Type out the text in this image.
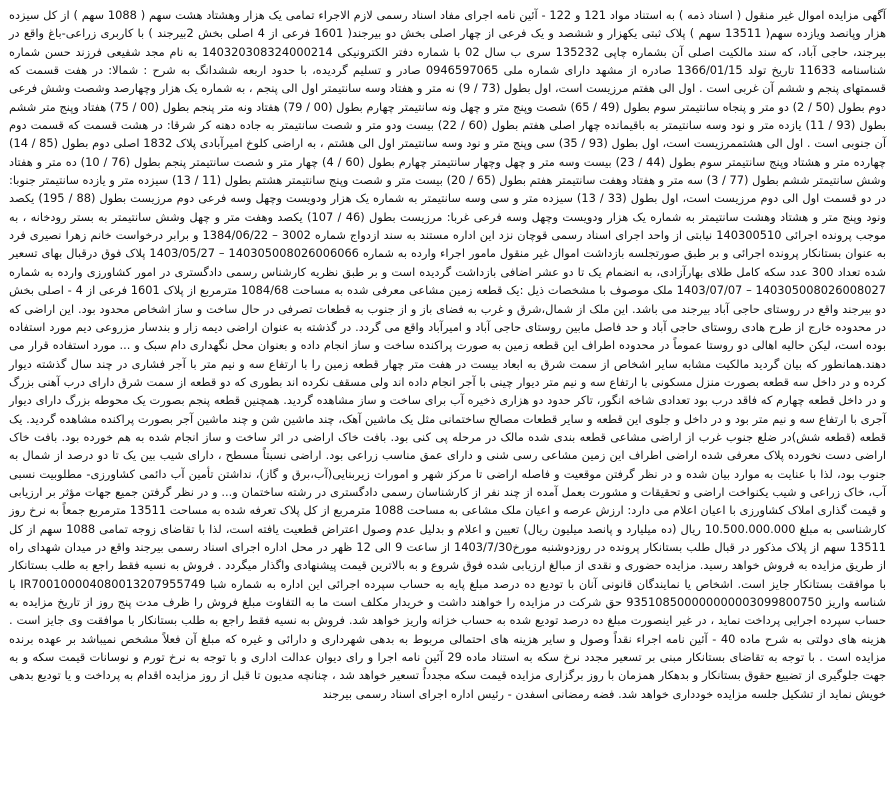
آگهی مزایده اموال غیر منقول ( اسناد ذمه ) به استناد مواد 121 و 122 - آئین نامه اجرای مفاد اسناد رسمی لازم الاجراء تمامی یک هزار وهشتاد هشت سهم ( 1088 سهم ) از کل سیزده هزار وپانصد ویازده سهم( 13511 سهم ) پلاک ثبتی یکهزار و ششصد و یک فرعی از چهار اصلی بخش دو بیرجند( 1601 فرعی از 4 اصلی بخش 2بیرجند ) با کاربری زراعی-باغ واقع در بیرجند، حاجی آباد، که سند مالکیت اصلی آن بشماره چاپی 135232 سری ب سال 02 با شماره دفتر الکترونیکی 140320308324000214 به نام مجد شفیعی فرزند حسن شماره شناسنامه 11633 تاریخ تولد 1366/01/15 صادره از مشهد دارای شماره ملی 0946597065 صادر و تسلیم گردیده، با حدود اربعه ششدانگ به شرح : شمالا: در هفت قسمت که قسمتهای پنجم و ششم آن غربی است . اول الی هفتم مرزیست است، اول بطول (73 / 9) نه متر و هفتاد وسه سانتیمتر اول الی پنجم ، به شماره یک هزار وچهارصد وشصت وشش فرعی دوم بطول (50 / 2) دو متر و پنجاه سانتیمتر سوم بطول (49 / 65) شصت وپنج متر و چهل ونه سانتیمتر چهارم بطول (00 / 79) هفتاد ونه متر پنجم بطول (00 / 75) هفتاد وپنج متر ششم بطول (93 / 11) یازده متر و نود وسه سانتیمتر به باقیمانده چهار اصلی هفتم بطول (60 / 22) بیست ودو متر و شصت سانتیمتر به جاده دهنه کر شرقا: در هشت قسمت که قسمت دوم آن جنوبی است . اول الی هشتممرزیست است، اول بطول (93 / 35) سی وپنج متر و نود وسه سانتیمتر اول الی هشتم ، به اراضی کلوخ امیرآبادی پلاک 1832 اصلی دوم بطول (85 / 14) چهارده متر و هشتاد وپنج سانتیمتر سوم بطول (44 / 23) بیست وسه متر و چهل وچهار سانتیمتر چهارم بطول (60 / 4) چهار متر و شصت سانتیمتر پنجم بطول (76 / 10) ده متر و هفتاد وشش سانتیمتر ششم بطول (77 / 3) سه متر و هفتاد وهفت سانتیمتر هفتم بطول (65 / 20) بیست متر و شصت وپنج سانتیمتر هشتم بطول (11 / 13) سیزده متر و یازده سانتیمتر جنوبا: در دو قسمت اول الی دوم مرزیست است، اول بطول (33 / 13) سیزده متر و سی وسه سانتیمتر به شماره یک هزار ودویست وچهل وسه فرعی دوم مرزیست بطول (88 / 195) یکصد ونود وپنج متر و هشتاد وهشت سانتیمتر به شماره یک هزار ودویست وچهل وسه فرعی غربا: مرزیست بطول (46 / 107) یکصد وهفت متر و چهل وشش سانتیمتر به بستر رودخانه ، به موجب پرونده اجرائی 140300510 نیابتی از واحد اجرای اسناد رسمی قوچان نزد این اداره مستند به سند ازدواج شماره 3002 – 1384/06/22 و برابر درخواست خانم زهرا نصیری فرد به عنوان بستانکار پرونده اجرائی و بر طبق صورتجلسه بازداشت اموال غیر منقول مامور اجراء وارده به شماره 140305008026006066 – 1403/05/27 پلاک فوق درقبال بهای تسعیر شده تعداد 300 عدد سکه کامل طلای بهارآزادی، به انضمام یک تا دو عشر اضافی بازداشت گردیده است و بر طبق نظریه کارشناس رسمی دادگستری در امور کشاورزی وارده به شماره 140305008026008027 – 1403/07/07 ملک موصوف با مشخصات ذیل :یک قطعه زمین مشاعی معرفی شده به مساحت 1084/68 مترمربع از پلاک 1601 فرعی از 4 - اصلی بخش دو بیرجند واقع در روستای حاجی آباد بیرجند می باشد. این ملک از شمال،شرق و غرب به فضای باز و از جنوب به قطعات تصرفی در حال ساخت و ساز اشخاص محدود بود. این اراضی که در محدوده خارج از طرح هادی روستای حاجی آباد و حد فاصل مابین روستای حاجی آباد و امیرآباد واقع می گردد. در گذشته به عنوان اراضی دیمه زار و بندسار مزروعی دیم مورد استفاده بوده است، لیکن حالیه اهالی دو روستا عموماً در محدوده اطراف این قطعه زمین به صورت پراکنده ساخت و ساز انجام داده و بعنوان محل نگهداری دام سبک و ... مورد استفاده قرار می دهند.همانطور که بیان گردید مالکیت مشابه سایر اشخاص از سمت شرق به ابعاد بیست در هفت متر چهار قطعه زمین را با ارتفاع سه و نیم متر با آجر فشاری در چند سال گذشته دیوار کرده و در داخل سه قطعه بصورت منزل مسکونی با ارتفاع سه و نیم متر دیوار چینی با آجر انجام داده اند ولی مسقف نکرده اند بطوری که دو قطعه از سمت شرق دارای درب آهنی بزرگ و در داخل قطعه چهارم که فاقد درب بود تعدادی شاخه انگور، تاکر حدود دو هزاری ذخیره آب برای ساخت و ساز مشاهده گردید. همچنین قطعه پنجم بصورت یک محوطه بزرگ دارای دیوار آجری با ارتفاع سه و نیم متر بود و در داخل و جلوی این قطعه و سایر قطعات مصالح ساختمانی مثل یک ماشین آهک، چند ماشین شن و چند ماشین آجر بصورت پراکنده مشاهده گردید. یک قطعه (قطعه شش)در ضلع جنوب غرب از اراضی مشاعی قطعه بندی شده مالک در مرحله پی کنی بود. بافت خاک اراضی در اثر ساخت و ساز انجام شده به هم خورده بود. بافت خاک اراضی دست نخورده پلاک معرفی شده اراضی اطراف این زمین مشاعی رسی شنی و دارای عمق مناسب زراعی بود. اراضی نسبتاً مسطح ، دارای شیب بین یک تا دو درصد از شمال به جنوب بود، لذا با عنایت به موارد بیان شده و در نظر گرفتن موقعیت و فاصله اراضی تا مرکز شهر و امورات زیربنایی(آب،برق و گاز)، نداشتن تأمین آب دائمی کشاورزی- مطلوبیت نسبی آب، خاک زراعی و شیب یکنواخت اراضی و تحقیقات و مشورت بعمل آمده از چند نفر از کارشناسان رسمی دادگستری در رشته ساختمان و... و در نظر گرفتن جمیع جهات مؤثر بر ارزیابی و قیمت گذاری املاک کشاورزی با اعیان اعلام می دارد: ارزش عرصه و اعیان ملک مشاعی به مساحت 1088 مترمربع از کل پلاک تعرفه شده به مساحت 13511 مترمربع جمعاً به نرخ روز کارشناسی به مبلغ 10.500.000.000 ریال (ده میلیارد و پانصد میلیون ریال) تعیین و اعلام و بدلیل عدم وصول اعتراض قطعیت یافته است، لذا با تقاضای زوجه تمامی 1088 سهم از کل 13511 سهم از پلاک مذکور در قبال طلب بستانکار پرونده در روزدوشنبه مورخ1403/7/30 از ساعت 9 الی 12 ظهر در محل اداره اجرای اسناد رسمی بیرجند واقع در میدان شهدای راه از طریق مزایده به فروش خواهد رسید. مزایده حضوری و نقدی از مبالغ ارزیابی شده فوق شروع و به بالاترین قیمت پیشنهادی واگذار میگردد . فروش به نسیه فقط راجع به طلب بستانکار با موافقت بستانکار جایز است. اشخاص یا نمایندگان قانونی آنان با تودیع ده درصد مبلغ پایه به حساب سپرده اجرائی این اداره به شماره شبا IR700100004080013207955749 با شناسه واریز 935108500000000003099800750 حق شرکت در مزایده را خواهند داشت و خریدار مکلف است ما به التفاوت مبلغ فروش را ظرف مدت پنج روز از تاریخ مزایده به حساب سپرده اجرایی پرداخت نماید ، در غیر اینصورت مبلغ ده درصد تودیع شده به حساب خزانه واریز خواهد شد. فروش به نسیه فقط راجع به طلب بستانکار با موافقت وی جایز است . هزینه های دولتی به شرح ماده 40 - آئین نامه اجراء نقداً وصول و سایر هزینه های احتمالی مربوط به بدهی شهرداری و دارائی و غیره که مبلغ آن فعلاً مشخص نمیباشد بر عهده برنده مزایده است . با توجه به تقاضای بستانکار مبنی بر تسعیر مجدد نرخ سکه به استناد ماده 29 آئین نامه اجرا و رای دیوان عدالت اداری و با توجه به نرخ تورم و نوسانات قیمت سکه و به جهت جلوگیری از تضییع حقوق بستانکار و بدهکار همزمان با روز برگزاری مزایده قیمت سکه مجدداً تسعیر خواهد شد ، چنانچه مدیون تا قبل از روز مزایده اقدام به پرداخت و یا تودیع بدهی خویش نماید از تشکیل جلسه مزایده خودداری خواهد شد. فضه رمضانی اسفدن - رئیس اداره اجرای اسناد رسمی بیرجند
